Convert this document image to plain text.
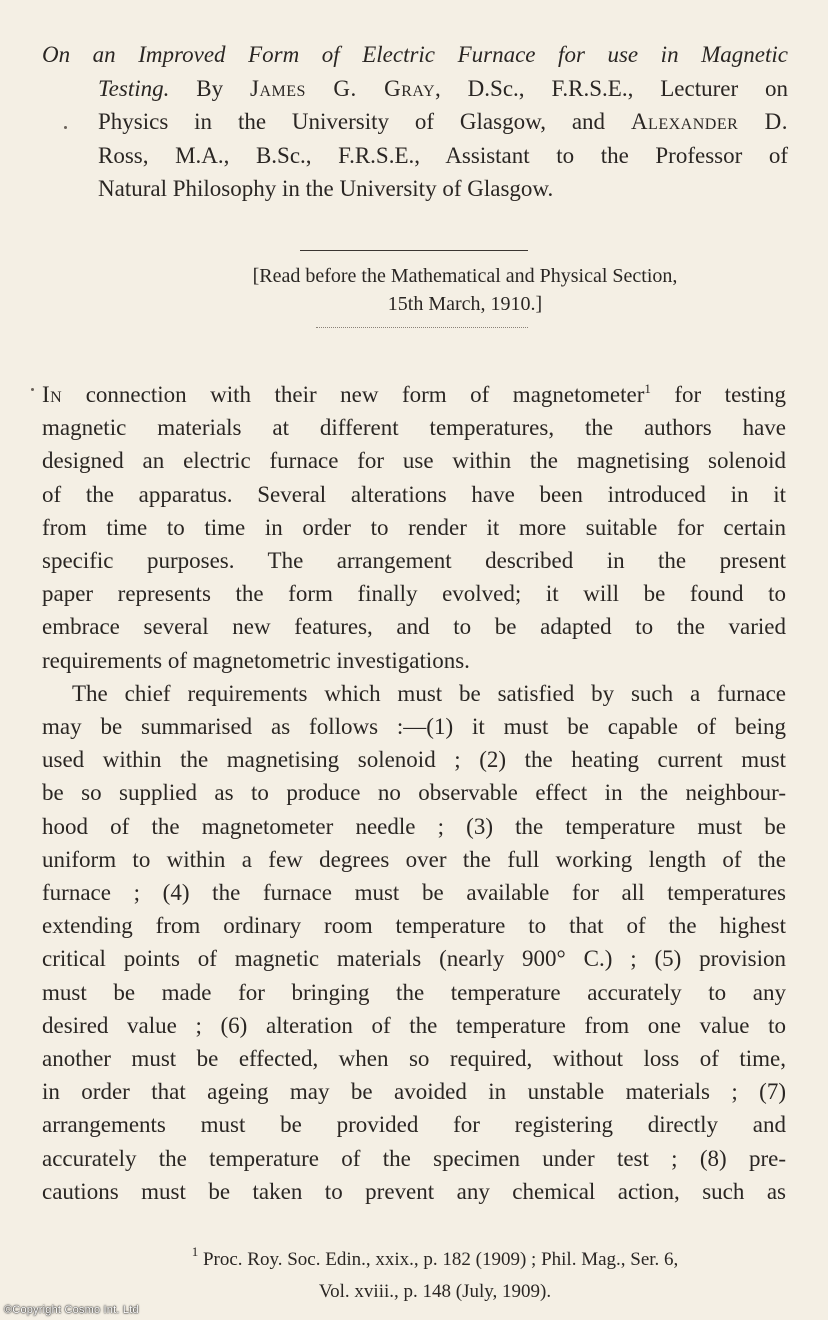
On an Improved Form of Electric Furnace for use in Magnetic
Testing. By James G. Gray, D.Sc., F.R.S.E., Lecturer on
Physics in the University of Glasgow, and Alexander D.
Ross, M.A., B.Sc., F.R.S.E., Assistant to the Professor of
Natural Philosophy in the University of Glasgow.
[Read before the Mathematical and Physical Section,
15th March, 1910.]
In connection with their new form of magnetometer$^1$ for testing
magnetic materials at different temperatures, the authors have
designed an electric furnace for use within the magnetising solenoid
of the apparatus. Several alterations have been introduced in it
from time to time in order to render it more suitable for certain
specific purposes. The arrangement described in the present
paper represents the form finally evolved; it will be found to
embrace several new features, and to be adapted to the varied
requirements of magnetometric investigations.
The chief requirements which must be satisfied by such a furnace
may be summarised as follows :—(1) it must be capable of being
used within the magnetising solenoid ; (2) the heating current must
be so supplied as to produce no observable effect in the neighbour-
hood of the magnetometer needle ; (3) the temperature must be
uniform to within a few degrees over the full working length of the
furnace ; (4) the furnace must be available for all temperatures
extending from ordinary room temperature to that of the highest
critical points of magnetic materials (nearly 900° C.) ; (5) provision
must be made for bringing the temperature accurately to any
desired value ; (6) alteration of the temperature from one value to
another must be effected, when so required, without loss of time,
in order that ageing may be avoided in unstable materials ; (7)
arrangements must be provided for registering directly and
accurately the temperature of the specimen under test ; (8) pre-
cautions must be taken to prevent any chemical action, such as
$^1$ Proc. Roy. Soc. Edin., xxix., p. 182 (1909) ; Phil. Mag., Ser. 6,
Vol. xviii., p. 148 (July, 1909).
©Copyright Cosmo Int. Ltd
